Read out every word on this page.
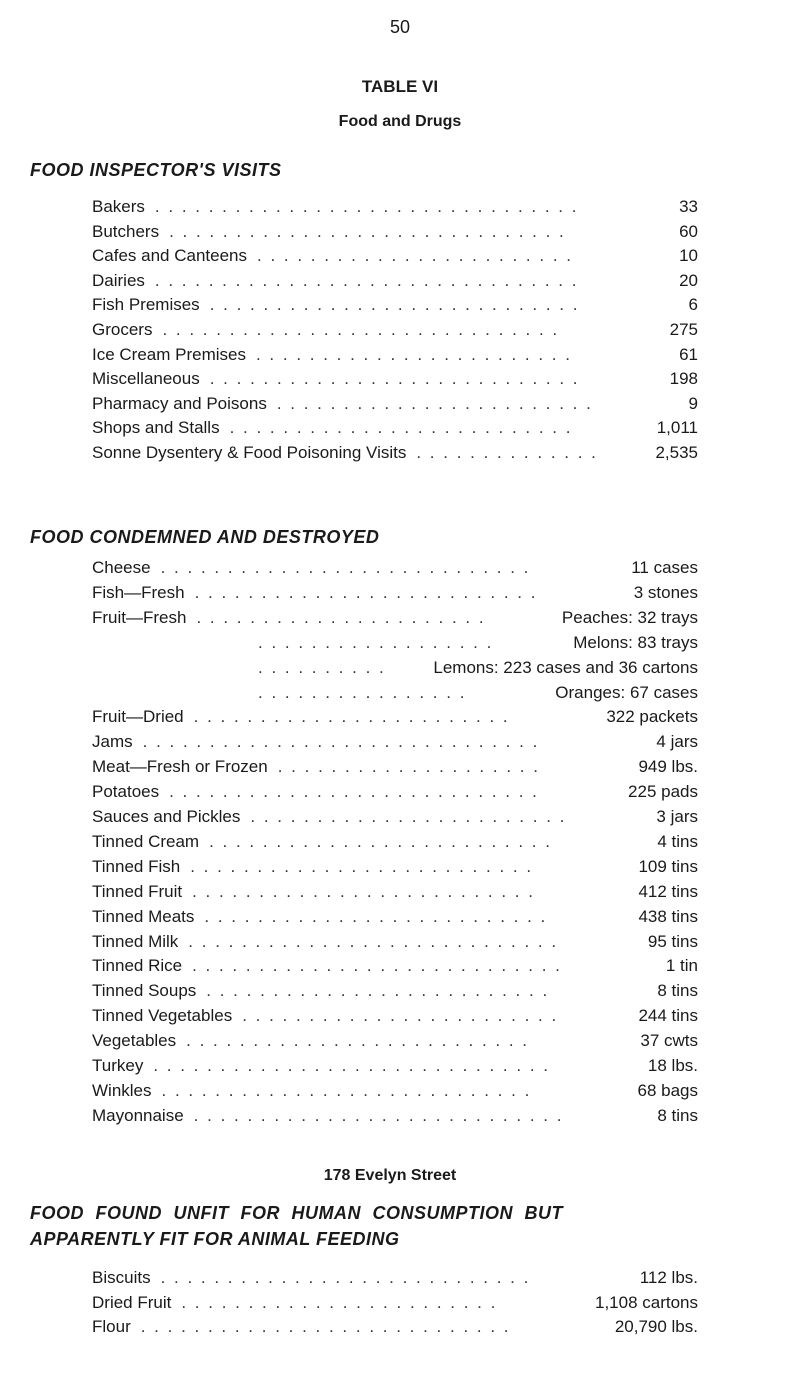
50
TABLE VI
Food and Drugs
FOOD INSPECTOR'S VISITS
Bakers . . . . . . . . . . . . . . . . . . . . . . . . . . . . . . . .	33
Butchers . . . . . . . . . . . . . . . . . . . . . . . . . . . . . .	60
Cafes and Canteens . . . . . . . . . . . . . . . . . . . . . . . .	10
Dairies . . . . . . . . . . . . . . . . . . . . . . . . . . . . . . . .	20
Fish Premises . . . . . . . . . . . . . . . . . . . . . . . . . . . .	6
Grocers . . . . . . . . . . . . . . . . . . . . . . . . . . . . . .	275
Ice Cream Premises . . . . . . . . . . . . . . . . . . . . . . . .	61
Miscellaneous . . . . . . . . . . . . . . . . . . . . . . . . . . . .	198
Pharmacy and Poisons . . . . . . . . . . . . . . . . . . . . . . . .	9
Shops and Stalls . . . . . . . . . . . . . . . . . . . . . . . . . .	1,011
Sonne Dysentery & Food Poisoning Visits . . . . . . . . . . . . . .	2,535
FOOD CONDEMNED AND DESTROYED
Cheese . . . . . . . . . . . . . . . . . . . . . . . . . . . .	11 cases
Fish—Fresh . . . . . . . . . . . . . . . . . . . . . . . . . .	3 stones
Fruit—Fresh . . . . . . . . . . . . . . . . . . . . . .	Peaches: 32 trays
. . . . . . . . . . . . . . . . . .	Melons: 83 trays
. . . . . . . . . .	Lemons: 223 cases and 36 cartons
. . . . . . . . . . . . . . . .	Oranges: 67 cases
Fruit—Dried . . . . . . . . . . . . . . . . . . . . . . . .	322 packets
Jams . . . . . . . . . . . . . . . . . . . . . . . . . . . . . .	4 jars
Meat—Fresh or Frozen . . . . . . . . . . . . . . . . . . . .	949 lbs.
Potatoes . . . . . . . . . . . . . . . . . . . . . . . . . . . .	225 pads
Sauces and Pickles . . . . . . . . . . . . . . . . . . . . . . . .	3 jars
Tinned Cream . . . . . . . . . . . . . . . . . . . . . . . . . .	4 tins
Tinned Fish . . . . . . . . . . . . . . . . . . . . . . . . . .	109 tins
Tinned Fruit . . . . . . . . . . . . . . . . . . . . . . . . . .	412 tins
Tinned Meats . . . . . . . . . . . . . . . . . . . . . . . . . .	438 tins
Tinned Milk . . . . . . . . . . . . . . . . . . . . . . . . . . . .	95 tins
Tinned Rice . . . . . . . . . . . . . . . . . . . . . . . . . . . .	1 tin
Tinned Soups . . . . . . . . . . . . . . . . . . . . . . . . . .	8 tins
Tinned Vegetables . . . . . . . . . . . . . . . . . . . . . . . .	244 tins
Vegetables . . . . . . . . . . . . . . . . . . . . . . . . . .	37 cwts
Turkey . . . . . . . . . . . . . . . . . . . . . . . . . . . . . .	18 lbs.
Winkles . . . . . . . . . . . . . . . . . . . . . . . . . . . .	68 bags
Mayonnaise . . . . . . . . . . . . . . . . . . . . . . . . . . . .	8 tins
178 Evelyn Street
FOOD FOUND UNFIT FOR HUMAN CONSUMPTION BUT
APPARENTLY FIT FOR ANIMAL FEEDING
Biscuits . . . . . . . . . . . . . . . . . . . . . . . . . . . .	112 lbs.
Dried Fruit . . . . . . . . . . . . . . . . . . . . . . . .	1,108 cartons
Flour . . . . . . . . . . . . . . . . . . . . . . . . . . . .	20,790 lbs.
